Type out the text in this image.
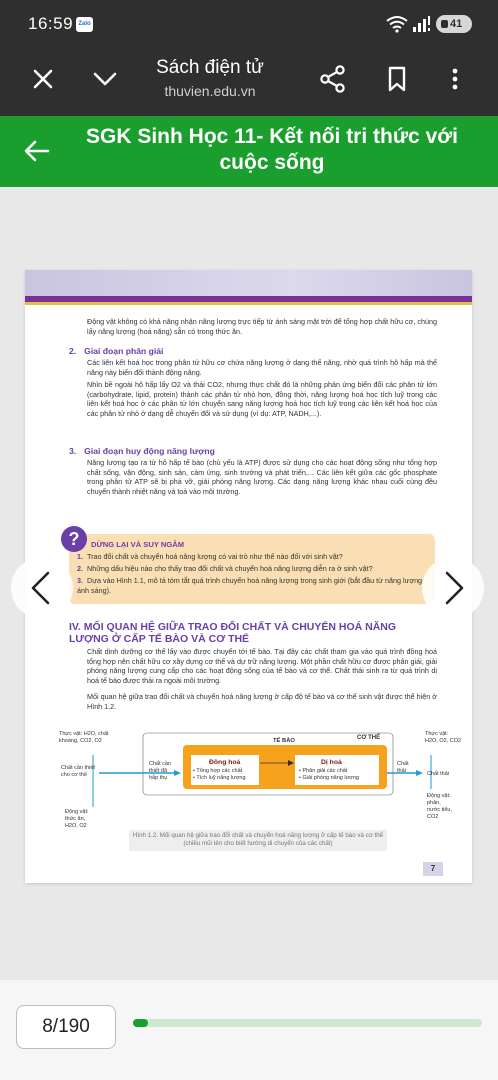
16:59 Zalo	41
Sách điện tử
thuvien.edu.vn
SGK Sinh Học 11- Kết nối tri thức với cuộc sống
Động vật không có khả năng nhận năng lượng trực tiếp từ ánh sáng mặt trời để tổng hợp chất hữu cơ, chúng lấy năng lượng (hoá năng) sẵn có trong thức ăn.
2. Giai đoạn phân giải
Các liên kết hoá học trong phân tử hữu cơ chứa năng lượng ở dạng thế năng, nhờ quá trình hô hấp mà thế năng này biến đổi thành động năng.
Nhìn bề ngoài hô hấp lấy O2 và thải CO2, nhưng thực chất đó là những phản ứng biến đổi các phân tử lớn (carbohydrate, lipid, protein) thành các phân tử nhỏ hơn, đồng thời, năng lượng hoá học tích luỹ trong các liên kết hoá học ở các phân tử lớn chuyển sang năng lượng hoá học tích luỹ trong các liên kết hoá học của các phân tử nhỏ ở dạng dễ chuyển đổi và sử dụng (ví dụ: ATP, NADH,...).
3. Giai đoạn huy động năng lượng
Năng lượng tạo ra từ hô hấp tế bào (chủ yếu là ATP) được sử dụng cho các hoạt động sống như tổng hợp chất sống, vận động, sinh sản, cảm ứng, sinh trưởng và phát triển,... Các liên kết giữa các gốc phosphate trong phân tử ATP sẽ bị phá vỡ, giải phóng năng lượng. Các dạng năng lượng khác nhau cuối cùng đều chuyển thành nhiệt năng và toả vào môi trường.
?	DỪNG LẠI VÀ SUY NGẪM
1. Trao đổi chất và chuyển hoá năng lượng có vai trò như thế nào đối với sinh vật?
2. Những dấu hiệu nào cho thấy trao đổi chất và chuyển hoá năng lượng diễn ra ở sinh vật?
3. Dựa vào Hình 1.1, mô tả tóm tắt quá trình chuyển hoá năng lượng trong sinh giới (bắt đầu từ năng lượng ánh sáng).
IV. MỐI QUAN HỆ GIỮA TRAO ĐỔI CHẤT VÀ CHUYỂN HOÁ NĂNG LƯỢNG Ở CẤP TẾ BÀO VÀ CƠ THỂ
Chất dinh dưỡng cơ thể lấy vào được chuyển tới tế bào. Tại đây các chất tham gia vào quá trình đồng hoá tổng hợp nên chất hữu cơ xây dựng cơ thể và dự trữ năng lượng. Một phần chất hữu cơ được phân giải, giải phóng năng lượng cung cấp cho các hoạt động sống của tế bào và cơ thể. Chất thải sinh ra từ quá trình dị hoá tế bào được thải ra ngoài môi trường.
Mối quan hệ giữa trao đổi chất và chuyển hoá năng lượng ở cấp độ tế bào và cơ thể sinh vật được thể hiện ở Hình 1.2.
Thực vật: H2O, chất
khoáng, CO2, O2
Chất cần thiết
cho cơ thể
Động vật:
thức ăn,
H2O, O2
Chất cần
thiết đã
hấp thụ
• Tổng hợp các chất
• Tích luỹ năng lượng
• Phân giải các chất
• Giải phóng năng lượng
Chất
thải	Chất thải
Thực vật:
H2O, O2, CO2
Động vật:
phân,
nước tiểu,
CO2
TẾ BÀO	CƠ THỂ
Đồng hoá	Dị hoá
Hình 1.2. Mối quan hệ giữa trao đổi chất và chuyển hoá năng lượng ở cấp tế bào và cơ thể (chiều mũi tên cho biết hướng di chuyển của các chất)
7
8/190
